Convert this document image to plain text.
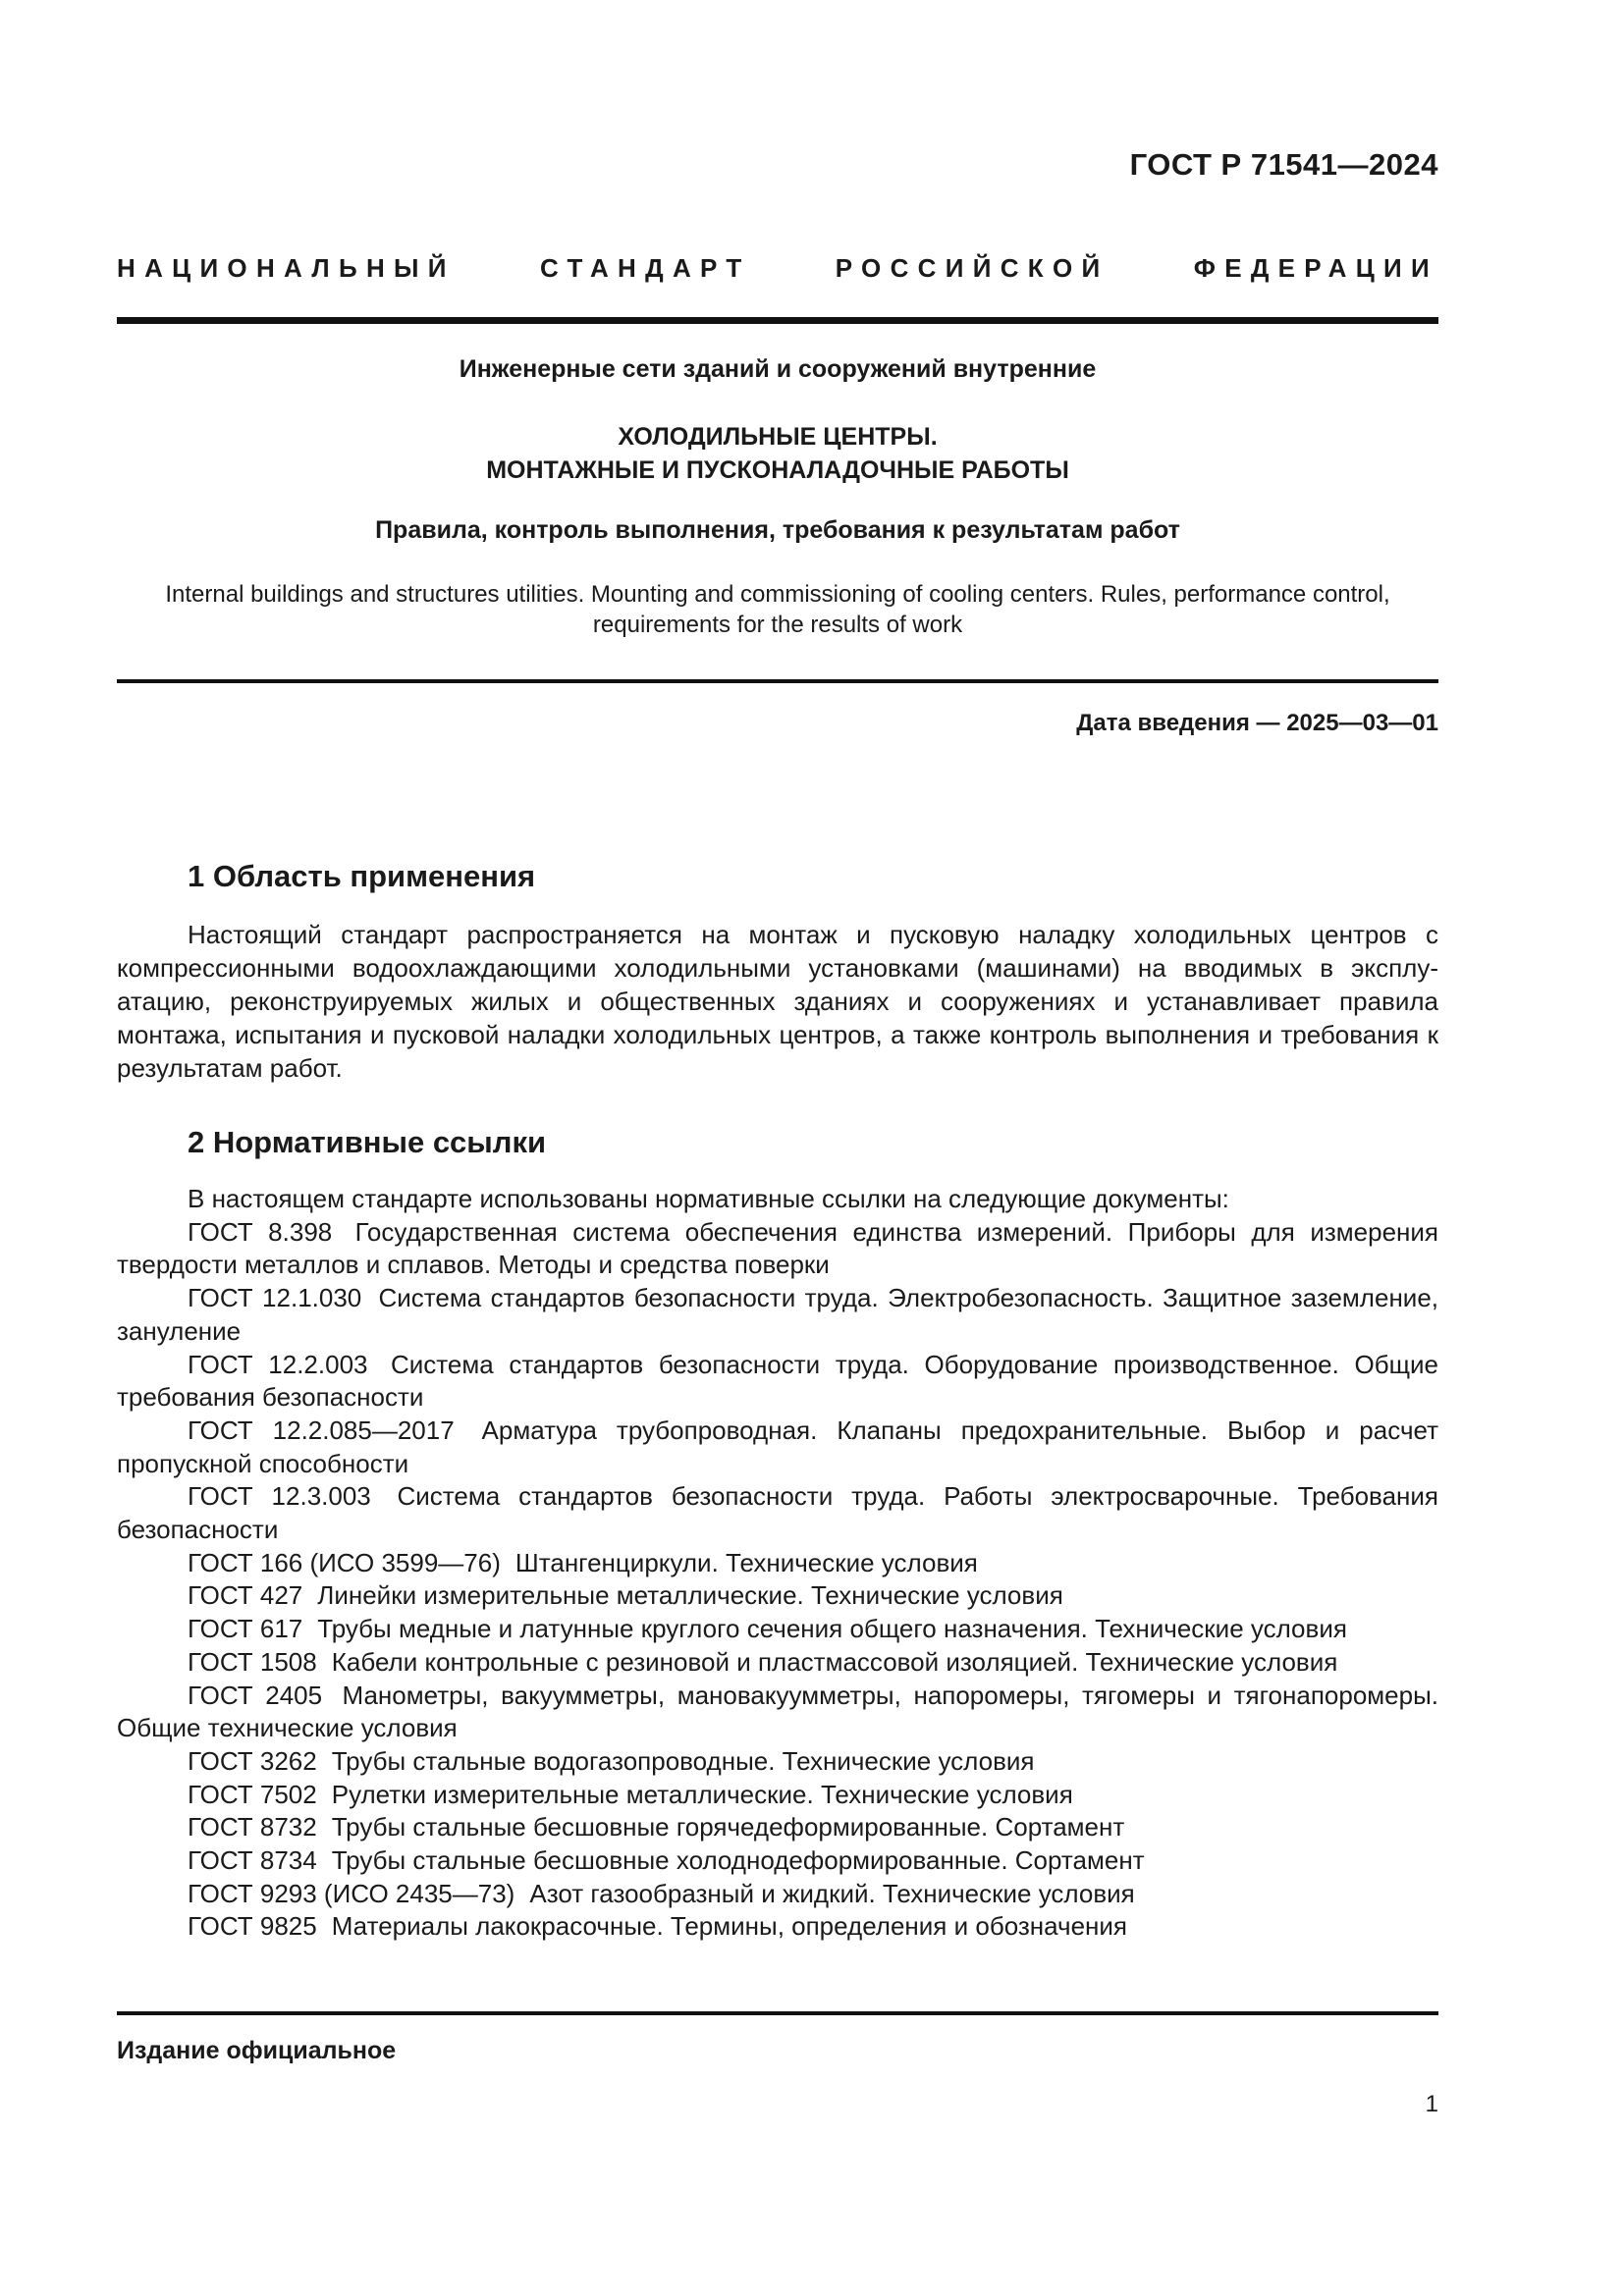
ГОСТ Р 71541—2024
НАЦИОНАЛЬНЫЙ СТАНДАРТ РОССИЙСКОЙ ФЕДЕРАЦИИ
Инженерные сети зданий и сооружений внутренние
ХОЛОДИЛЬНЫЕ ЦЕНТРЫ.
МОНТАЖНЫЕ И ПУСКОНАЛАДОЧНЫЕ РАБОТЫ
Правила, контроль выполнения, требования к результатам работ
Internal buildings and structures utilities. Mounting and commissioning of cooling centers. Rules, performance control,
requirements for the results of work
Дата введения — 2025—03—01
1 Область применения
Настоящий стандарт распространяется на монтаж и пусковую наладку холодильных центров с компрессионными водоохлаждающими холодильными установками (машинами) на вводимых в эксплуатацию, реконструируемых жилых и общественных зданиях и сооружениях и устанавливает правила монтажа, испытания и пусковой наладки холодильных центров, а также контроль выполнения и требования к результатам работ.
2 Нормативные ссылки
В настоящем стандарте использованы нормативные ссылки на следующие документы:
ГОСТ 8.398 Государственная система обеспечения единства измерений. Приборы для измерения твердости металлов и сплавов. Методы и средства поверки
ГОСТ 12.1.030 Система стандартов безопасности труда. Электробезопасность. Защитное заземление, зануление
ГОСТ 12.2.003 Система стандартов безопасности труда. Оборудование производственное. Общие требования безопасности
ГОСТ 12.2.085—2017 Арматура трубопроводная. Клапаны предохранительные. Выбор и расчет пропускной способности
ГОСТ 12.3.003 Система стандартов безопасности труда. Работы электросварочные. Требования безопасности
ГОСТ 166 (ИСО 3599—76) Штангенциркули. Технические условия
ГОСТ 427 Линейки измерительные металлические. Технические условия
ГОСТ 617 Трубы медные и латунные круглого сечения общего назначения. Технические условия
ГОСТ 1508 Кабели контрольные с резиновой и пластмассовой изоляцией. Технические условия
ГОСТ 2405 Манометры, вакуумметры, мановакуумметры, напоромеры, тягомеры и тягонапоромеры. Общие технические условия
ГОСТ 3262 Трубы стальные водогазопроводные. Технические условия
ГОСТ 7502 Рулетки измерительные металлические. Технические условия
ГОСТ 8732 Трубы стальные бесшовные горячедеформированные. Сортамент
ГОСТ 8734 Трубы стальные бесшовные холоднодеформированные. Сортамент
ГОСТ 9293 (ИСО 2435—73) Азот газообразный и жидкий. Технические условия
ГОСТ 9825 Материалы лакокрасочные. Термины, определения и обозначения
Издание официальное
1
